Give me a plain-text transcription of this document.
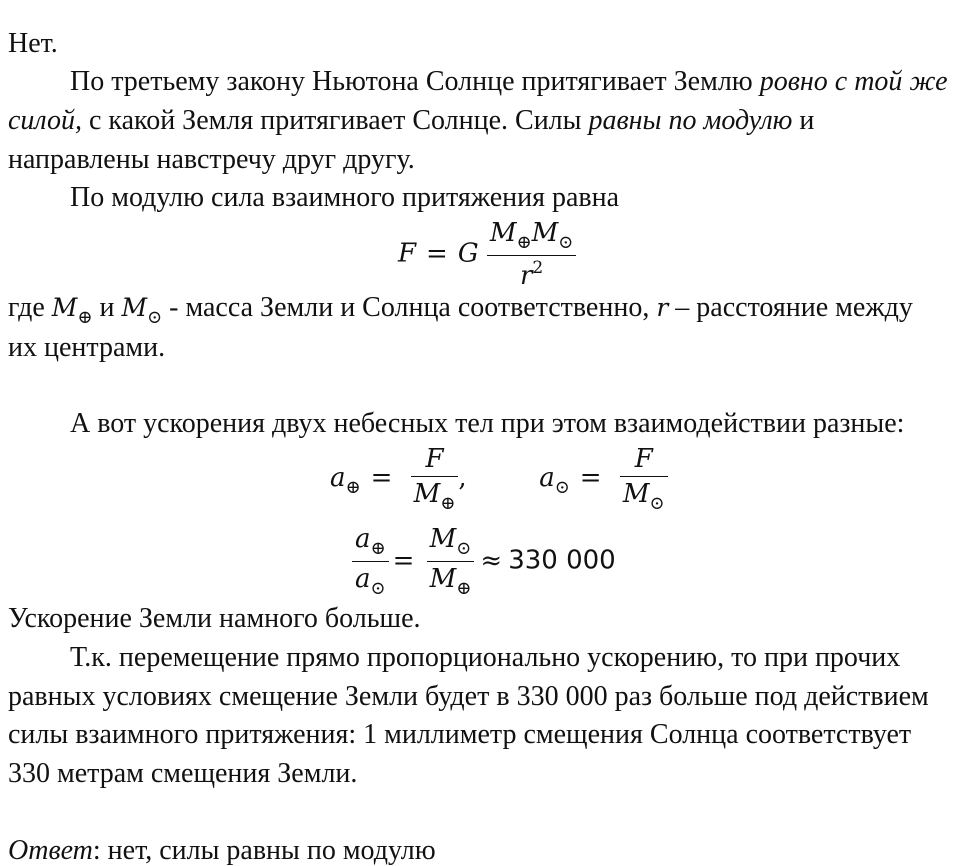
Нет.
По третьему закону Ньютона Солнце притягивает Землю ровно с той же
силой, с какой Земля притягивает Солнце. Силы равны по модулю и
направлены навстречу друг другу.
По модулю сила взаимного притяжения равна
F = G $\frac{M_\oplus M_⊙}{r^2}$
где $M_\oplus$ и $M_⊙$ - масса Земли и Солнца соответственно, r – расстояние между
их центрами.
А вот ускорения двух небесных тел при этом взаимодействии разные:
$a_\oplus = \frac{F}{M_\oplus}$ ,	$a_⊙ = \frac{F}{M_⊙}$
$\frac{a_\oplus}{a_⊙} = \frac{M_⊙}{M_\oplus} \approx 330$ 000
Ускорение Земли намного больше.
Т.к. перемещение прямо пропорционально ускорению, то при прочих
равных условиях смещение Земли будет в 330 000 раз больше под действием
силы взаимного притяжения: 1 миллиметр смещения Солнца соответствует
330 метрам смещения Земли.
Ответ: нет, силы равны по модулю
